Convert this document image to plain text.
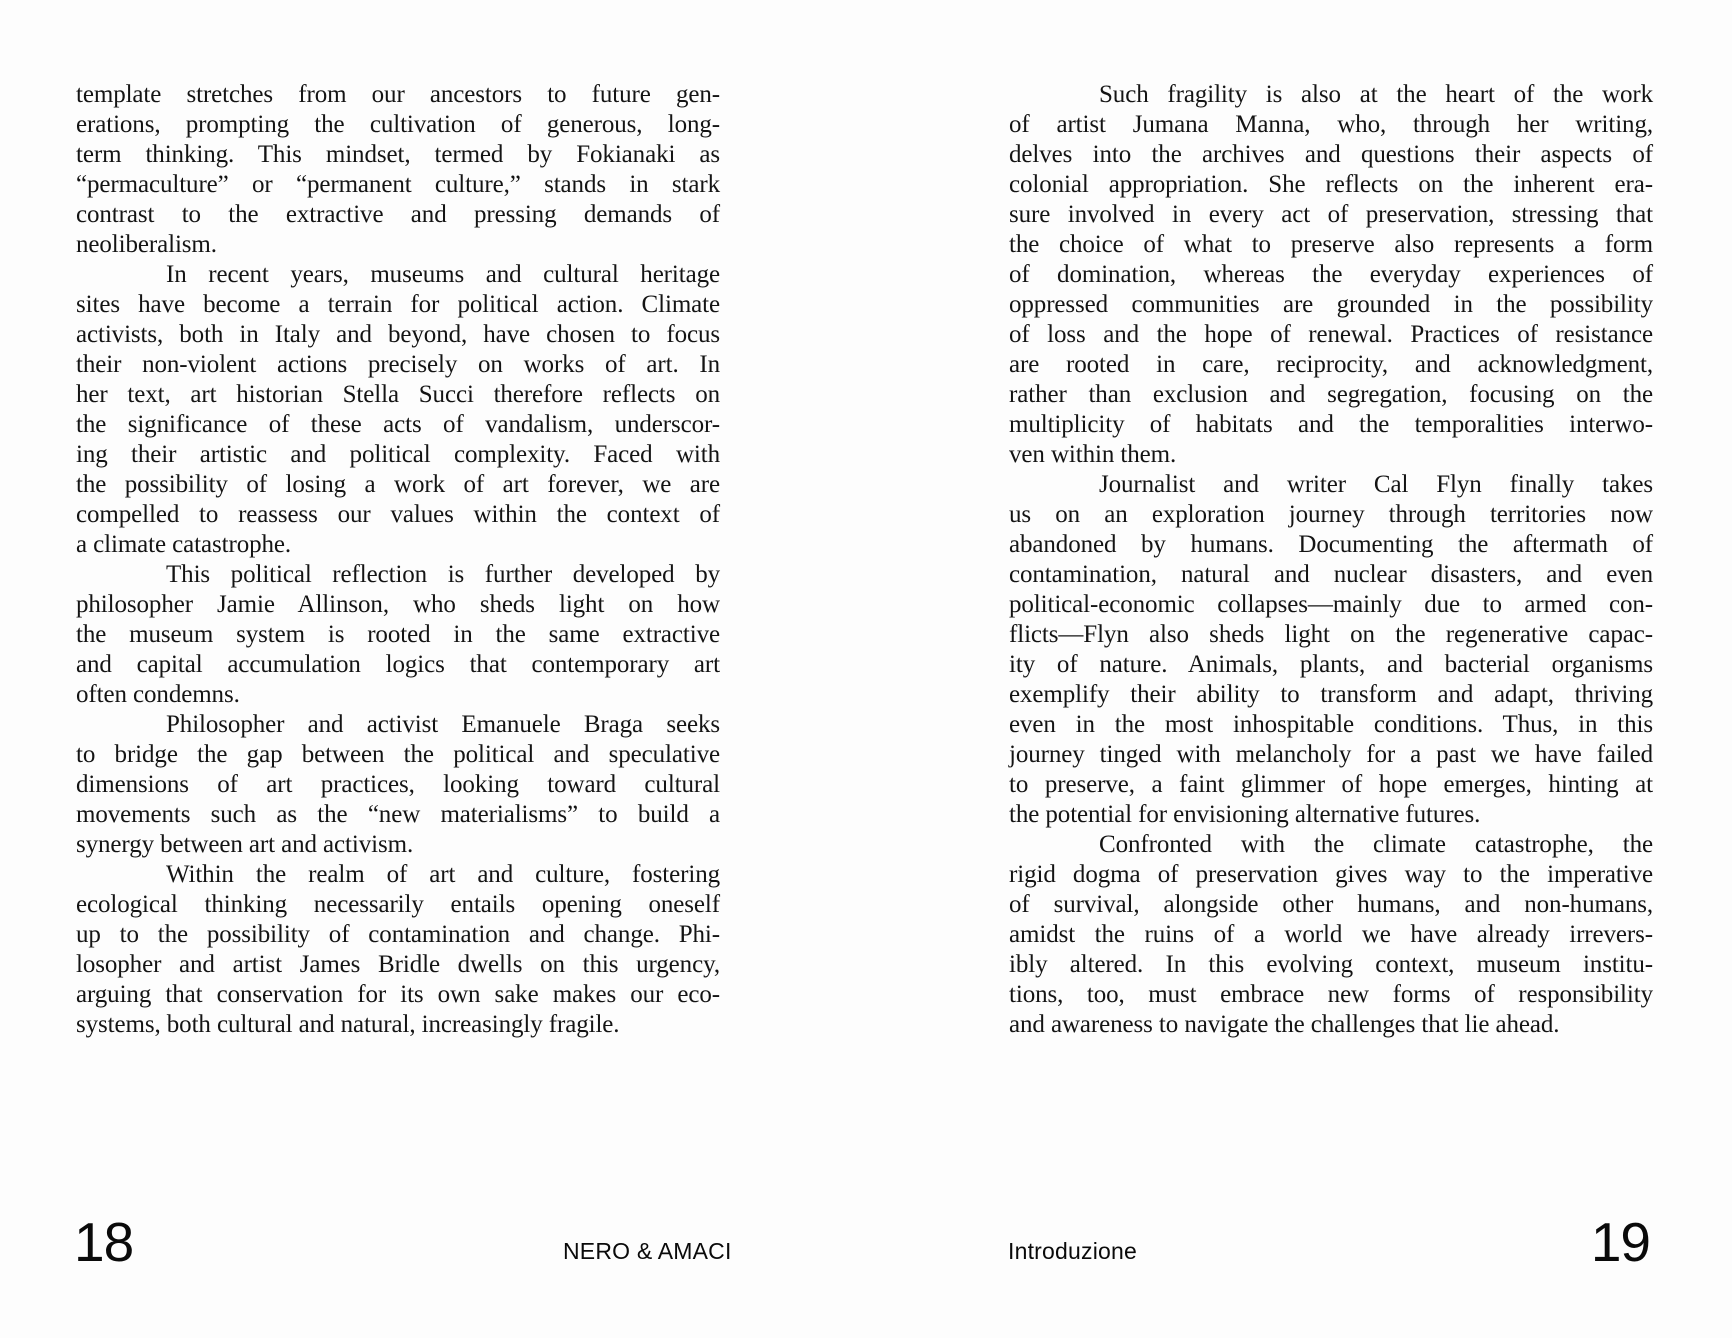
template stretches from our ancestors to future gen-
erations, prompting the cultivation of generous, long-
term thinking. This mindset, termed by Fokianaki as
“permaculture” or “permanent culture,” stands in stark
contrast to the extractive and pressing demands of
neoliberalism.
In recent years, museums and cultural heritage
sites have become a terrain for political action. Climate
activists, both in Italy and beyond, have chosen to focus
their non-violent actions precisely on works of art. In
her text, art historian Stella Succi therefore reflects on
the significance of these acts of vandalism, underscor-
ing their artistic and political complexity. Faced with
the possibility of losing a work of art forever, we are
compelled to reassess our values within the context of
a climate catastrophe.
This political reflection is further developed by
philosopher Jamie Allinson, who sheds light on how
the museum system is rooted in the same extractive
and capital accumulation logics that contemporary art
often condemns.
Philosopher and activist Emanuele Braga seeks
to bridge the gap between the political and speculative
dimensions of art practices, looking toward cultural
movements such as the “new materialisms” to build a
synergy between art and activism.
Within the realm of art and culture, fostering
ecological thinking necessarily entails opening oneself
up to the possibility of contamination and change. Phi-
losopher and artist James Bridle dwells on this urgency,
arguing that conservation for its own sake makes our eco-
systems, both cultural and natural, increasingly fragile.
Such fragility is also at the heart of the work
of artist Jumana Manna, who, through her writing,
delves into the archives and questions their aspects of
colonial appropriation. She reflects on the inherent era-
sure involved in every act of preservation, stressing that
the choice of what to preserve also represents a form
of domination, whereas the everyday experiences of
oppressed communities are grounded in the possibility
of loss and the hope of renewal. Practices of resistance
are rooted in care, reciprocity, and acknowledgment,
rather than exclusion and segregation, focusing on the
multiplicity of habitats and the temporalities interwo-
ven within them.
Journalist and writer Cal Flyn finally takes
us on an exploration journey through territories now
abandoned by humans. Documenting the aftermath of
contamination, natural and nuclear disasters, and even
political-economic collapses—mainly due to armed con-
flicts—Flyn also sheds light on the regenerative capac-
ity of nature. Animals, plants, and bacterial organisms
exemplify their ability to transform and adapt, thriving
even in the most inhospitable conditions. Thus, in this
journey tinged with melancholy for a past we have failed
to preserve, a faint glimmer of hope emerges, hinting at
the potential for envisioning alternative futures.
Confronted with the climate catastrophe, the
rigid dogma of preservation gives way to the imperative
of survival, alongside other humans, and non-humans,
amidst the ruins of a world we have already irrevers-
ibly altered. In this evolving context, museum institu-
tions, too, must embrace new forms of responsibility
and awareness to navigate the challenges that lie ahead.
18	NERO & AMACI	Introduzione	19
